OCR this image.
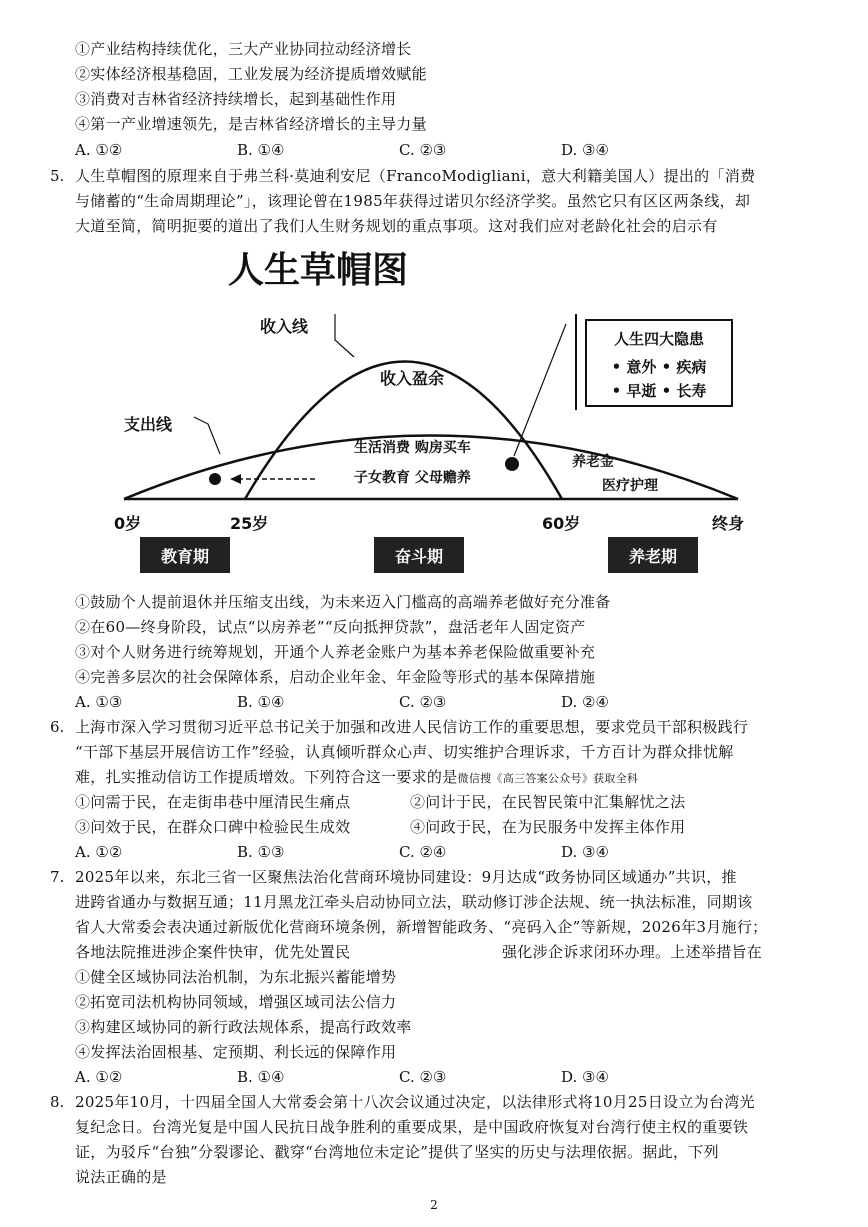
①产业结构持续优化，三大产业协同拉动经济增长
②实体经济根基稳固，工业发展为经济提质增效赋能
③消费对吉林省经济持续增长，起到基础性作用
④第一产业增速领先，是吉林省经济增长的主导力量
A. ①②	B. ①④	C. ②③	D. ③④
5. 人生草帽图的原理来自于弗兰科·莫迪利安尼（FrancoModigliani，意大利籍美国人）提出的「消费
与储蓄的“生命周期理论”」，该理论曾在1985年获得过诺贝尔经济学奖。虽然它只有区区两条线，却
大道至简，简明扼要的道出了我们人生财务规划的重点事项。这对我们应对老龄化社会的启示有
人生草帽图
收入线
支出线
收入盈余
生活消费 购房买车
子女教育 父母赡养
养老金
医疗护理
人生四大隐患
• 意外 • 疾病
• 早逝 • 长寿
0岁	25岁	60岁	终身
教育期	奋斗期	养老期
①鼓励个人提前退休并压缩支出线，为未来迈入门槛高的高端养老做好充分准备
②在60—终身阶段，试点“以房养老”“反向抵押贷款”，盘活老年人固定资产
③对个人财务进行统筹规划，开通个人养老金账户为基本养老保险做重要补充
④完善多层次的社会保障体系，启动企业年金、年金险等形式的基本保障措施
A. ①③	B. ①④	C. ②③	D. ②④
6. 上海市深入学习贯彻习近平总书记关于加强和改进人民信访工作的重要思想，要求党员干部积极践行
“干部下基层开展信访工作”经验，认真倾听群众心声、切实维护合理诉求，千方百计为群众排忧解
难，扎实推动信访工作提质增效。下列符合这一要求的是微信搜《高三答案公众号》获取全科
①问需于民，在走街串巷中厘清民生痛点	②问计于民，在民智民策中汇集解忧之法
③问效于民，在群众口碑中检验民生成效	④问政于民，在为民服务中发挥主体作用
A. ①②	B. ①③	C. ②④	D. ③④
7. 2025年以来，东北三省一区聚焦法治化营商环境协同建设：9月达成“政务协同区域通办”共识，推
进跨省通办与数据互通；11月黑龙江牵头启动协同立法，联动修订涉企法规、统一执法标准，同期该
省人大常委会表决通过新版优化营商环境条例，新增智能政务、“亮码入企”等新规，2026年3月施行；
各地法院推进涉企案件快审，优先处置民	强化涉企诉求闭环办理。上述举措旨在
①健全区域协同法治机制，为东北振兴蓄能增势
②拓宽司法机构协同领域，增强区域司法公信力
③构建区域协同的新行政法规体系，提高行政效率
④发挥法治固根基、定预期、利长远的保障作用
A. ①②	B. ①④	C. ②③	D. ③④
8. 2025年10月，十四届全国人大常委会第十八次会议通过决定，以法律形式将10月25日设立为台湾光
复纪念日。台湾光复是中国人民抗日战争胜利的重要成果，是中国政府恢复对台湾行使主权的重要铁
证，为驳斥“台独”分裂谬论、戳穿“台湾地位未定论”提供了坚实的历史与法理依据。据此，下列
说法正确的是
2
